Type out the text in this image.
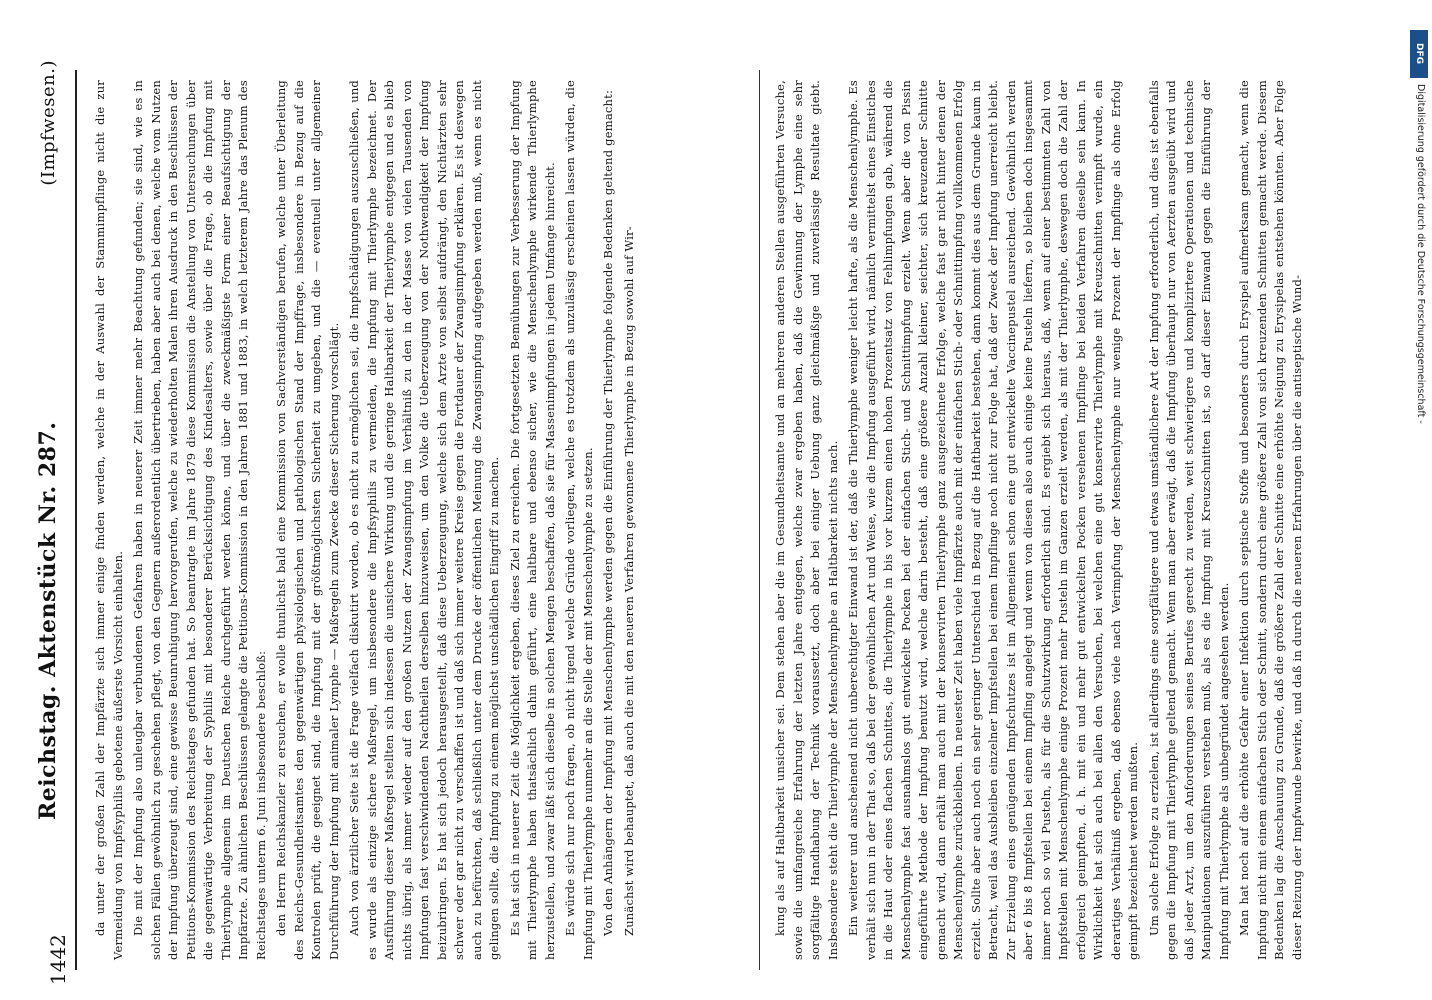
1442
Reichstag. Aktenstück Nr. 287.
(Impfwesen.)	kung als auf Haltbarkeit unsicher sei. Dem stehen aber die im Gesundheitsamte und an mehreren anderen Stellen ausgeführten Versuche, sowie die umfangreiche Erfahrung der letzten Jahre entgegen, welche zwar ergeben haben, daß die Gewinnung der Lymphe eine sehr sorgfältige Handhabung der Technik voraussetzt, doch aber bei einiger Uebung ganz gleichmäßige und zuverlässige Resultate giebt. Insbesondere steht die Thierlymphe der Menschenlymphe an Haltbarkeit nichts nach. Ein weiterer und anscheinend nicht unberechtigter Einwand ist der, daß die Thierlymphe weniger leicht hafte, als die Menschenlymphe. Es verhält sich nun in der That so, daß bei der gewöhnlichen Art und Weise, wie die Impfung ausgeführt wird, nämlich vermittelst eines Einstiches in die Haut oder eines flachen Schnittes, die Thierlymphe in bis vor kurzem einen hohen Prozentsatz von Fehlimpfungen gab, während die Menschenlymphe fast ausnahmslos gut entwickelte Pocken bei der einfachen Stich- und Schnittimpfung erzielt. Wenn aber die von Pissin eingeführte Methode der Impfung benutzt wird, welche darin besteht, daß eine größere Anzahl kleiner, seichter, sich kreuzender Schnitte gemacht wird, dann erhält man auch mit der konservirten Thierlymphe ganz ausgezeichnete Erfolge, welche fast gar nicht hinter denen der Menschenlymphe zurückbleiben. In neuester Zeit haben viele Impfärzte auch mit der einfachen Stich- oder Schnittimpfung vollkommenen Erfolg erzielt. Sollte aber auch noch ein sehr geringer Unterschied in Bezug auf die Haftbarkeit bestehen, dann kommt dies aus dem Grunde kaum in Betracht, weil das Ausbleiben einzelner Impfstellen bei einem Impflinge noch nicht zur Folge hat, daß der Zweck der Impfung unerreicht bleibt. Zur Erzielung eines genügenden Impfschutzes ist im Allgemeinen schon eine gut entwickelte Vaccinepustel ausreichend. Gewöhnlich werden aber 6 bis 8 Impfstellen bei einem Impfling angelegt und wenn von diesen also auch einige keine Pusteln liefern, so bleiben doch insgesammt immer noch so viel Pusteln, als für die Schutzwirkung erforderlich sind. Es ergiebt sich hieraus, daß, wenn auf einer bestimmten Zahl von Impfstellen mit Menschenlymphe einige Prozent mehr Pusteln im Ganzen erzielt werden, als mit der Thierlymphe, deswegen doch die Zahl der erfolgreich geimpften, d. h. mit ein und mehr gut entwickelten Pocken versehenen Impflinge bei beiden Verfahren dieselbe sein kann. In Wirklichkeit hat sich auch bei allen den Versuchen, bei welchen eine gut konservirte Thierlymphe mit Kreuzschnitten verimpft wurde, ein derartiges Verhältniß ergeben, daß ebenso viele nach Verimpfung der Menschenlymphe nur wenige Prozent der Impflinge als ohne Erfolg geimpft bezeichnet werden mußten. Um solche Erfolge zu erzielen, ist allerdings eine sorgfältigere und etwas umständlichere Art der Impfung erforderlich, und dies ist ebenfalls gegen die Impfung mit Thierlymphe geltend gemacht. Wenn man aber erwägt, daß die Impfung überhaupt nur von Aerzten ausgeübt wird und daß jeder Arzt, um den Anforderungen seines Berufes gerecht zu werden, weit schwierigere und komplizirtere Operationen und technische Manipulationen auszuführen verstehen muß, als es die Impfung mit Kreuzschnitten ist, so darf dieser Einwand gegen die Einführung der Impfung mit Thierlymphe als unbegründet angesehen werden. Man hat noch auf die erhöhte Gefahr einer Infektion durch septische Stoffe und besonders durch Erysipel aufmerksam gemacht, wenn die Impfung nicht mit einem einfachen Stich oder Schnitt, sondern durch eine größere Zahl von sich kreuzenden Schnitten gemacht werde. Diesem Bedenken lag die Anschauung zu Grunde, daß die größere Zahl der Schnitte eine erhöhte Neigung zu Erysipelas entstehen könnten. Aber Folge dieser Reizung der Impfwunde bewirke, und daß in durch die neueren Erfahrungen über die antiseptische Wund-

da unter der großen Zahl der Impfärzte sich immer einige finden werden, welche in der Auswahl der Stammimpflinge nicht die zur Vermeidung von Impfsyphilis gebotene äußerste Vorsicht einhalten. Die mit der Impfung also unleugbar verbundenen Gefahren haben in neuerer Zeit immer mehr Beachtung gefunden; sie sind, wie es in solchen Fällen gewöhnlich zu geschehen pflegt, von den Gegnern außerordentlich übertrieben, haben aber auch bei denen, welche vom Nutzen der Impfung überzeugt sind, eine gewisse Beunruhigung hervorgerufen, welche zu wiederholten Malen ihren Ausdruck in den Beschlüssen der Petitions-Kommission des Reichstages gefunden hat. So beantragte im Jahre 1879 diese Kommission die Anstellung von Untersuchungen über die gegenwärtige Verbreitung der Syphilis mit besonderer Berücksichtigung des Kindesalters, sowie über die Frage, ob die Impfung mit Thierlymphe allgemein im Deutschen Reiche durchgeführt werden könne, und über die zweckmäßigste Form einer Beaufsichtigung der Impfärzte. Zu ähnlichen Beschlüssen gelangte die Petitions-Kommission in den Jahren 1881 und 1883, in welch letzterem Jahre das Plenum des Reichstages unterm 6. Juni insbesondere beschloß: den Herrn Reichskanzler zu ersuchen, er wolle thunlichst bald eine Kommission von Sachverständigen berufen, welche unter Überleitung des Reichs-Gesundheitsamtes den gegenwärtigen physiologischen und pathologischen Stand der Impffrage, insbesondere in Bezug auf die Kontrolen prüft, die geeignet sind, die Impfung mit der größtmöglichsten Sicherheit zu umgeben, und die — eventuell unter allgemeiner Durchführung der Impfung mit animaler Lymphe — Maßregeln zum Zwecke dieser Sicherung vorschlägt. Auch von ärztlicher Seite ist die Frage vielfach diskutirt worden, ob es nicht zu ermöglichen sei, die Impfschädigungen auszuschließen, und es wurde als einzige sichere Maßregel, um insbesondere die Impfsyphilis zu vermeiden, die Impfung mit Thierlymphe bezeichnet. Der Ausführung dieser Maßregel stellten sich indessen die unsichere Wirkung und die geringe Haltbarkeit der Thierlymphe entgegen und es blieb nichts übrig, als immer wieder auf den großen Nutzen der Zwangsimpfung im Verhältniß zu den in der Masse von vielen Tausenden von Impfungen fast verschwindenden Nachtheilen derselben hinzuweisen, um den Volke die Ueberzeugung von der Nothwendigkeit der Impfung beizubringen. Es hat sich jedoch herausgestellt, daß diese Ueberzeugung, welche sich dem Arzte von selbst aufdrängt, den Nichtärzten sehr schwer oder gar nicht zu verschaffen ist und daß sich immer weitere Kreise gegen die Fortdauer der Zwangsimpfung erklären. Es ist deswegen auch zu befürchten, daß schließlich unter dem Drucke der öffentlichen Meinung die Zwangsimpfung aufgegeben werden muß, wenn es nicht gelingen sollte, die Impfung zu einem möglichst unschädlichen Eingriff zu machen. Es hat sich in neuerer Zeit die Möglichkeit ergeben, dieses Ziel zu erreichen. Die fortgesetzten Bemühungen zur Verbesserung der Impfung mit Thierlymphe haben thatsächlich dahin geführt, eine haltbare und ebenso sicher, wie die Menschenlymphe wirkende Thierlymphe herzustellen, und zwar läßt sich dieselbe in solchen Mengen beschaffen, daß sie für Massenimpfungen in jedem Umfange hinreicht. Es würde sich nur noch fragen, ob nicht irgend welche Gründe vorliegen, welche es trotzdem als unzulässig erscheinen lassen würden, die Impfung mit Thierlymphe nunmehr an die Stelle der mit Menschenlymphe zu setzen. Von den Anhängern der Impfung mit Menschenlymphe werden gegen die Einführung der Thierlymphe folgende Bedenken geltend gemacht: Zunächst wird behauptet, daß auch die mit den neueren Verfahren gewonnene Thierlymphe in Bezug sowohl auf Wir-

DFG
Digitalisierung gefördert durch die Deutsche Forschungsgemeinschaft -
